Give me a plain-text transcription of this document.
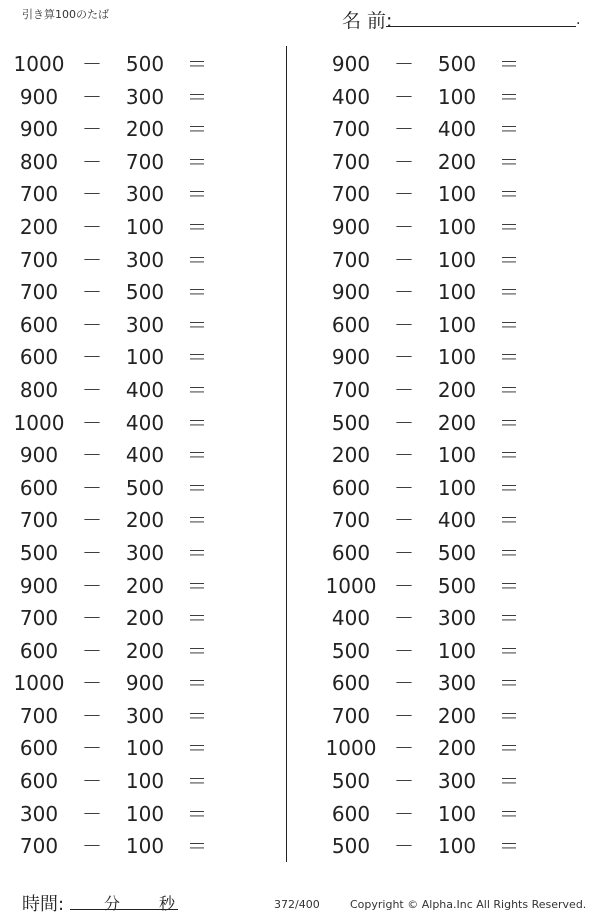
引き算100のたば	名 前:	.
1000 － 500 ＝
900	－ 300 ＝
900	－ 200 ＝
800	－ 700 ＝
700	－ 300 ＝
200	－ 100 ＝
700	－ 300 ＝
700	－ 500 ＝
600	－ 300 ＝
600	－ 100 ＝
800	－ 400 ＝
1000 － 400 ＝
900	－ 400 ＝
600	－ 500 ＝
700	－ 200 ＝
500	－ 300 ＝
900	－ 200 ＝
700	－ 200 ＝
600	－ 200 ＝
1000 － 900 ＝
700	－ 300 ＝
600	－ 100 ＝
600	－ 100 ＝
300	－ 100 ＝
700	－ 100 ＝
900	－ 500 ＝
400	－ 100 ＝
700	－ 400 ＝
700	－ 200 ＝
700	－ 100 ＝
900	－ 100 ＝
700	－ 100 ＝
900	－ 100 ＝
600	－ 100 ＝
900	－ 100 ＝
700	－ 200 ＝
500	－ 200 ＝
200	－ 100 ＝
600	－ 100 ＝
700	－ 400 ＝
600	－ 500 ＝
1000 － 500 ＝
400	－ 300 ＝
500	－ 100 ＝
600	－ 300 ＝
700	－ 200 ＝
1000 － 200 ＝
500	－ 300 ＝
600	－ 100 ＝
500	－ 100 ＝
時間: 分 秒	372/400	Copyright © Alpha.Inc All Rights Reserved.
